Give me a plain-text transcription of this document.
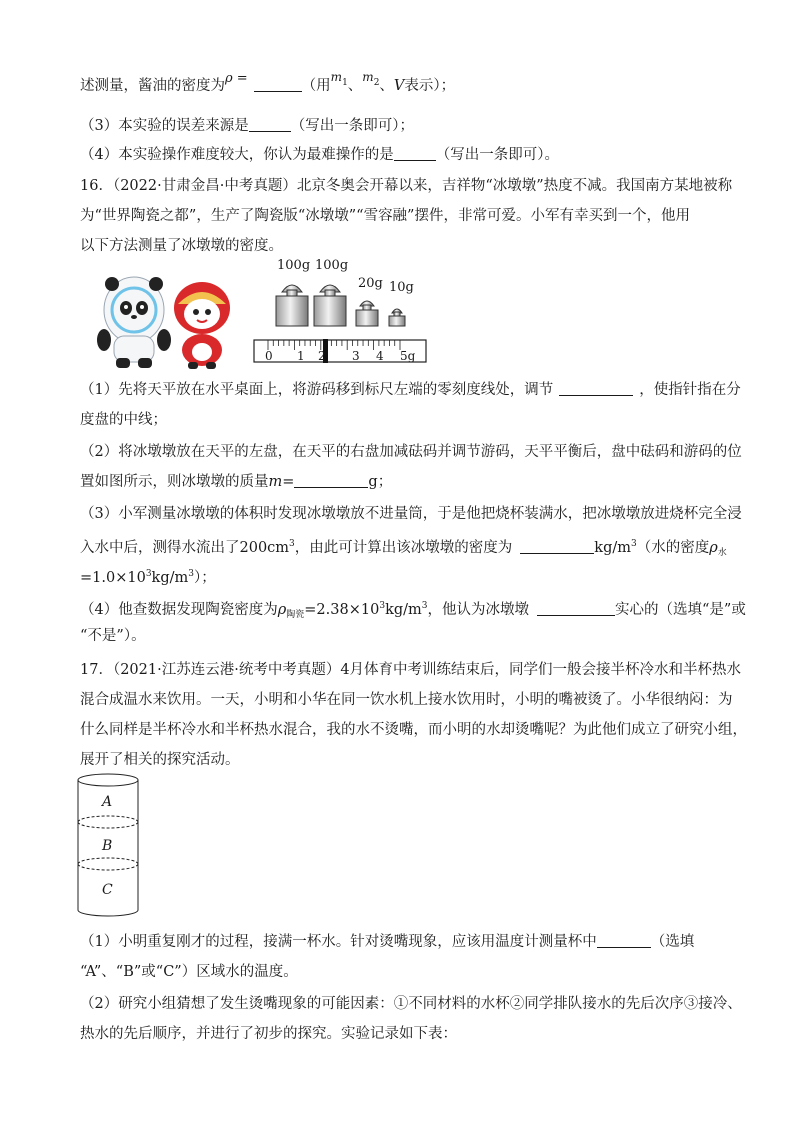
述测量，酱油的密度为ρ =	（用$^{m1}$、$^{m2}$、V表示）；
（3）本实验的误差来源是	（写出一条即可）；
（4）本实验操作难度较大，你认为最难操作的是	（写出一条即可）。
16．（2022·甘肃金昌·中考真题）北京冬奥会开幕以来，吉祥物“冰墩墩”热度不减。我国南方某地被称
为“世界陶瓷之都”，生产了陶瓷版“冰墩墩”“雪容融”摆件，非常可爱。小军有幸买到一个，他用
以下方法测量了冰墩墩的密度。
100g 100g
20g 10g
0 1 2 3 4 5g
（1）先将天平放在水平桌面上，将游码移到标尺左端的零刻度线处，调节	，使指针指在分
度盘的中线；
（2）将冰墩墩放在天平的左盘，在天平的右盘加减砝码并调节游码，天平平衡后，盘中砝码和游码的位
置如图所示，则冰墩墩的质量m=	g；
（3）小军测量冰墩墩的体积时发现冰墩墩放不进量筒，于是他把烧杯装满水，把冰墩墩放进烧杯完全浸
入水中后，测得水流出了$200cm^3$，由此可计算出该冰墩墩的密度为	$kg/m^3$（水的密度$\rho_水$
$=1.0\times 10^3kg/m^3$）；
（4）他查数据发现陶瓷密度为$\rho_{陶瓷}=2.38\times 10^3kg/m^3$，他认为冰墩墩	实心的（选填“是”或
“不是”）。
17．（2021·江苏连云港·统考中考真题）4月体育中考训练结束后，同学们一般会接半杯冷水和半杯热水
混合成温水来饮用。一天，小明和小华在同一饮水机上接水饮用时，小明的嘴被烫了。小华很纳闷：为
什么同样是半杯冷水和半杯热水混合，我的水不烫嘴，而小明的水却烫嘴呢？为此他们成立了研究小组，
展开了相关的探究活动。
A
B
C
（1）小明重复刚才的过程，接满一杯水。针对烫嘴现象，应该用温度计测量杯中	（选填
“A”、“B”或“C”）区域水的温度。
（2）研究小组猜想了发生烫嘴现象的可能因素：①不同材料的水杯②同学排队接水的先后次序③接冷、
热水的先后顺序，并进行了初步的探究。实验记录如下表：
